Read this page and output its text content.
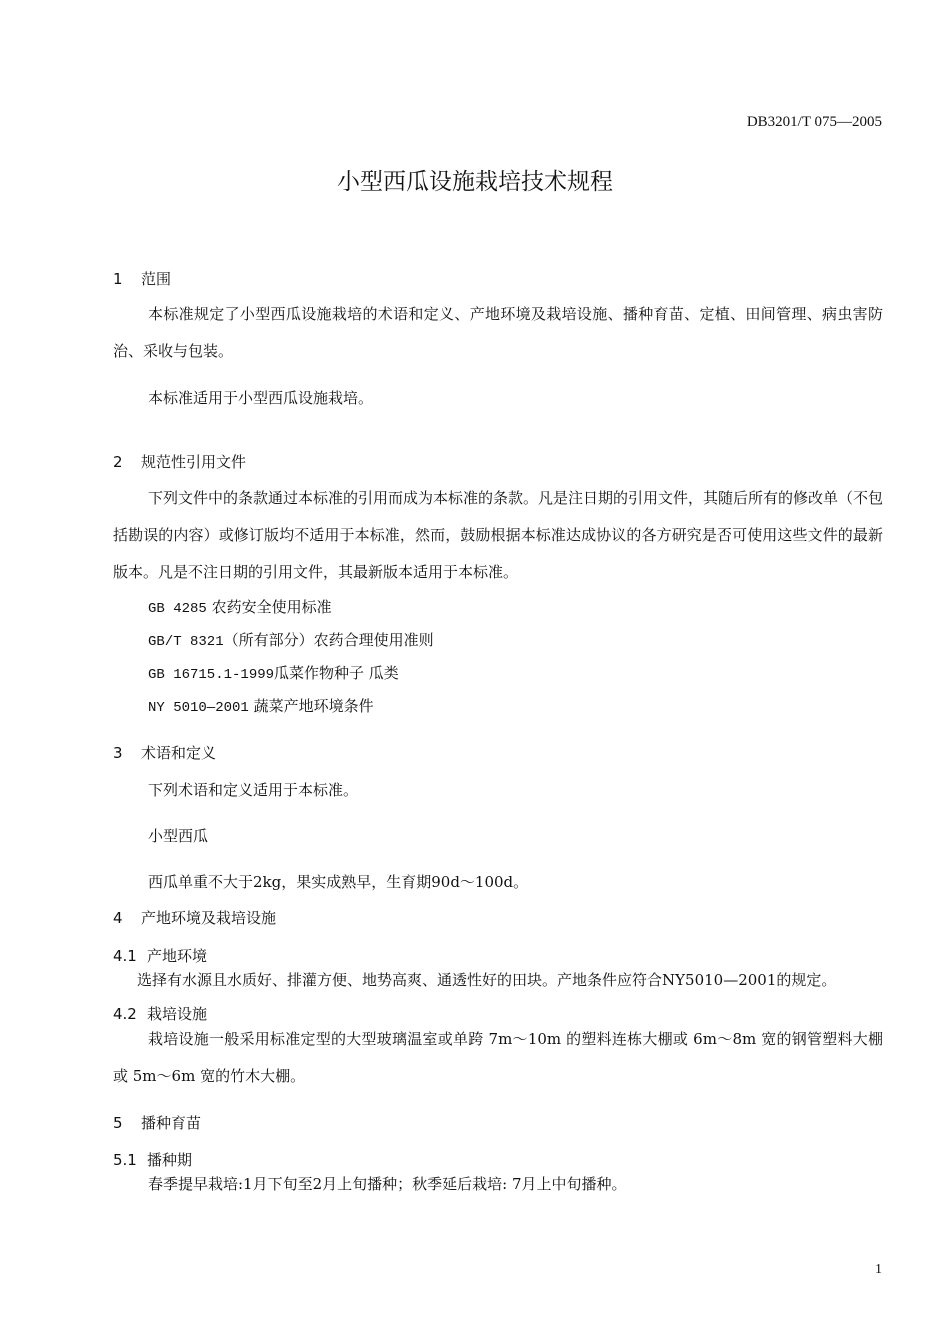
DB3201/T 075—2005
小型西瓜设施栽培技术规程
1 范围

本标准规定了小型西瓜设施栽培的术语和定义、产地环境及栽培设施、播种育苗、定植、田间管理、病虫害防治、采收与包装。

本标准适用于小型西瓜设施栽培。

2 规范性引用文件

下列文件中的条款通过本标准的引用而成为本标准的条款。凡是注日期的引用文件，其随后所有的修改单（不包括勘误的内容）或修订版均不适用于本标准，然而，鼓励根据本标准达成协议的各方研究是否可使用这些文件的最新版本。凡是不注日期的引用文件，其最新版本适用于本标准。

GB 4285 农药安全使用标准
GB/T 8321（所有部分）农药合理使用准则
GB 16715.1-1999瓜菜作物种子 瓜类
NY 5010—2001 蔬菜产地环境条件
3 术语和定义
下列术语和定义适用于本标准。
小型西瓜
西瓜单重不大于2kg，果实成熟早，生育期90d～100d。
4 产地环境及栽培设施
4.1 产地环境
选择有水源且水质好、排灌方便、地势高爽、通透性好的田块。产地条件应符合NY5010—2001的规定。
4.2 栽培设施

栽培设施一般采用标准定型的大型玻璃温室或单跨 7m～10m 的塑料连栋大棚或 6m～8m 宽的钢管塑料大棚或 5m～6m 宽的竹木大棚。

5 播种育苗
5.1 播种期
春季提早栽培:1月下旬至2月上旬播种；秋季延后栽培: 7月上中旬播种。
1
